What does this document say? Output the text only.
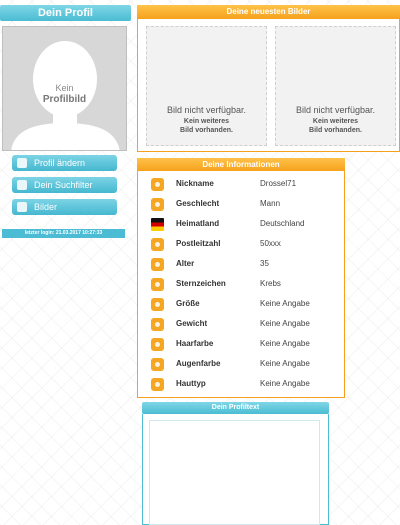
Dein Profil
Kein
Profilbild
Profil ändern
Dein Suchfilter
Bilder
letzter login: 21.03.2017 10:27:33
Deine neuesten Bilder
Bild nicht verfügbar.
Kein weiteres
Bild vorhanden.
Bild nicht verfügbar.
Kein weiteres
Bild vorhanden.
Deine Informationen
Nickname	Drossel71
Geschlecht	Mann
Heimatland	Deutschland
Postleitzahl	50xxx
Alter	35
Sternzeichen	Krebs
Größe	Keine Angabe
Gewicht	Keine Angabe
Haarfarbe	Keine Angabe
Augenfarbe	Keine Angabe
Hauttyp	Keine Angabe
Dein Profiltext
